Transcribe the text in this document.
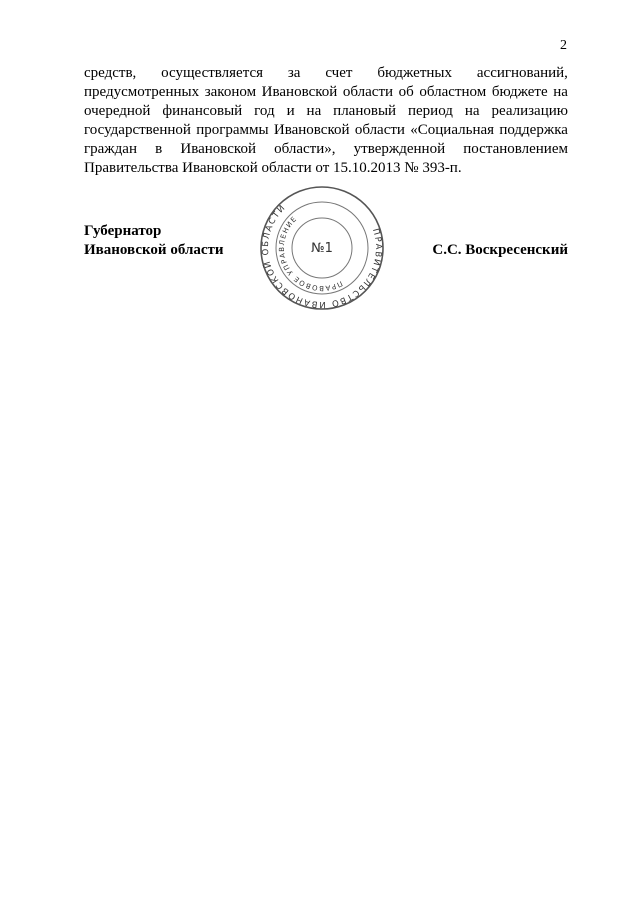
2
средств, осуществляется за счет бюджетных ассигнований,
предусмотренных законом Ивановской области об областном бюджете на
очередной финансовый год и на плановый период на реализацию
государственной программы Ивановской области «Социальная поддержка
граждан в Ивановской области», утвержденной постановлением
Правительства Ивановской области от 15.10.2013 № 393-п.
Губернатор
Ивановской области	С.С. Воскресенский
ПРАВИТЕЛЬСТВО ИВАНОВСКОЙ ОБЛАСТИ
ПРАВОВОЕ УПРАВЛЕНИЕ
№1
